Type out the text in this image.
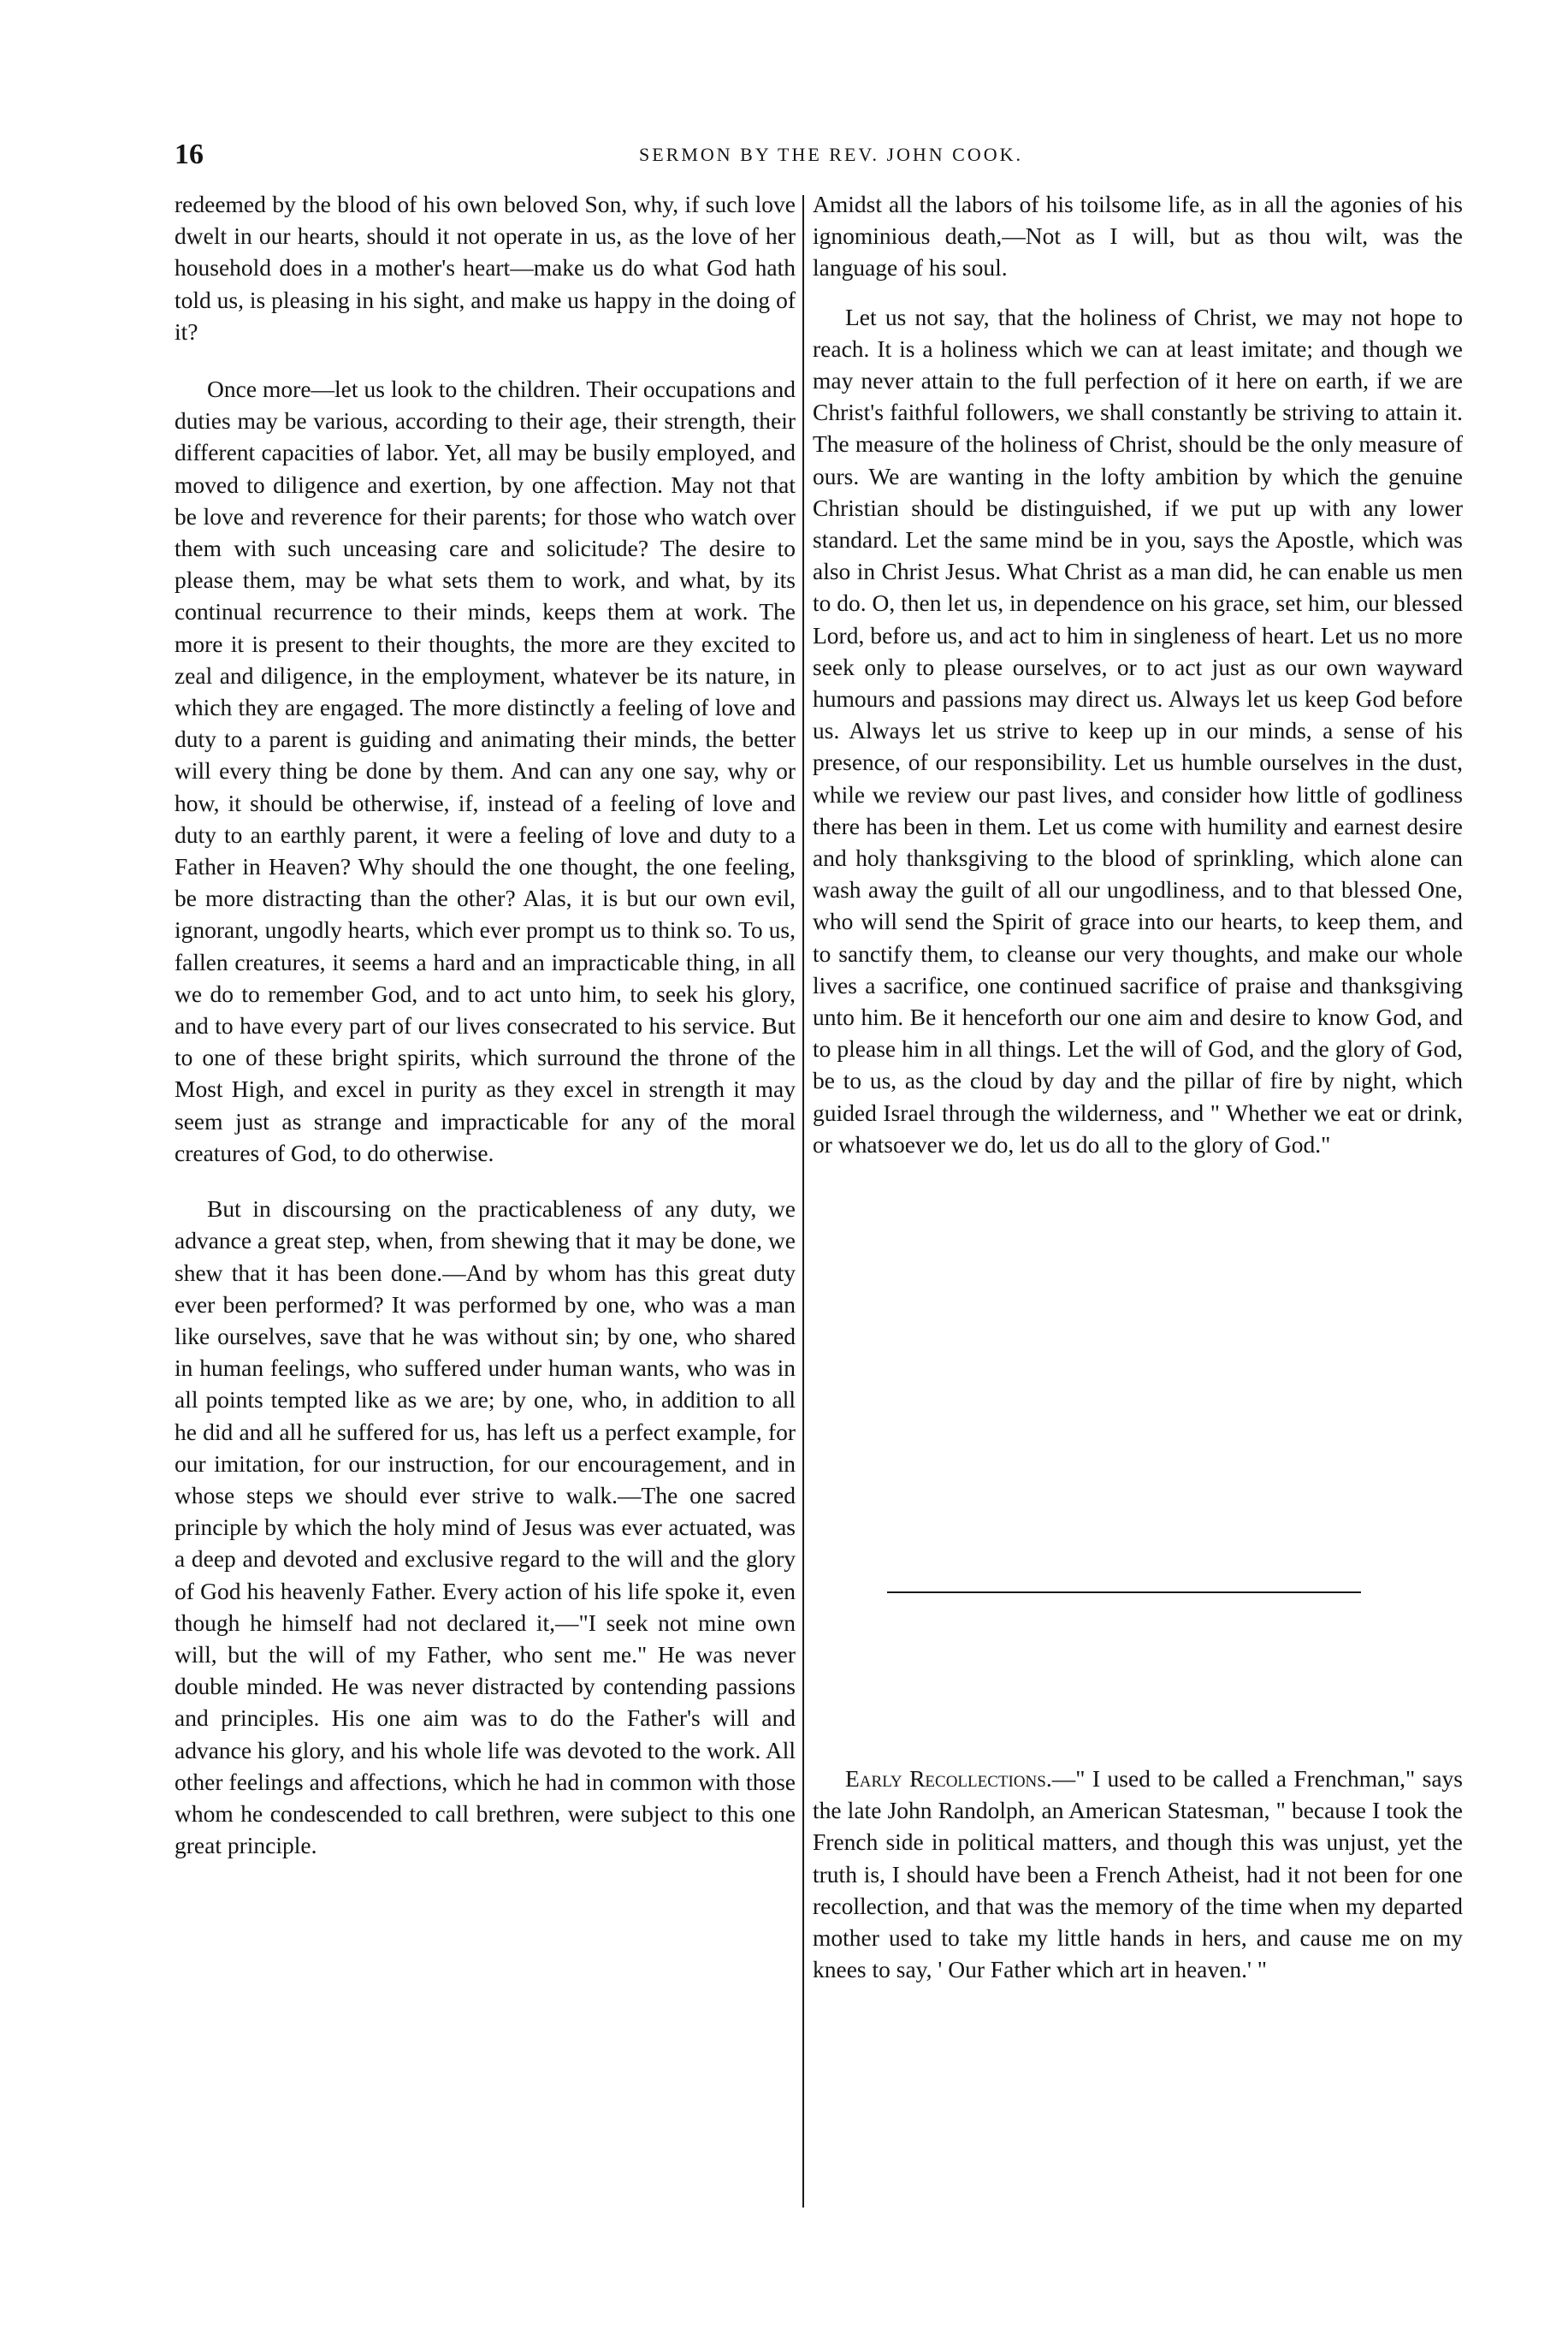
16	SERMON BY THE REV. JOHN COOK.

redeemed by the blood of his own beloved Son, why, if such love dwelt in our hearts, should it not operate in us, as the love of her household does in a mother's heart—make us do what God hath told us, is pleasing in his sight, and make us happy in the doing of it?

Once more—let us look to the children. Their occupations and duties may be various, according to their age, their strength, their different capacities of labor. Yet, all may be busily employed, and moved to diligence and exertion, by one affection. May not that be love and reverence for their parents; for those who watch over them with such unceasing care and solicitude? The desire to please them, may be what sets them to work, and what, by its continual recurrence to their minds, keeps them at work. The more it is present to their thoughts, the more are they excited to zeal and diligence, in the employment, whatever be its nature, in which they are engaged. The more distinctly a feeling of love and duty to a parent is guiding and animating their minds, the better will every thing be done by them. And can any one say, why or how, it should be otherwise, if, instead of a feeling of love and duty to an earthly parent, it were a feeling of love and duty to a Father in Heaven? Why should the one thought, the one feeling, be more distracting than the other? Alas, it is but our own evil, ignorant, ungodly hearts, which ever prompt us to think so. To us, fallen creatures, it seems a hard and an impracticable thing, in all we do to remember God, and to act unto him, to seek his glory, and to have every part of our lives consecrated to his service. But to one of these bright spirits, which surround the throne of the Most High, and excel in purity as they excel in strength it may seem just as strange and impracticable for any of the moral creatures of God, to do otherwise.

But in discoursing on the practicableness of any duty, we advance a great step, when, from shewing that it may be done, we shew that it has been done.—And by whom has this great duty ever been performed? It was performed by one, who was a man like ourselves, save that he was without sin; by one, who shared in human feelings, who suffered under human wants, who was in all points tempted like as we are; by one, who, in addition to all he did and all he suffered for us, has left us a perfect example, for our imitation, for our instruction, for our encouragement, and in whose steps we should ever strive to walk.—The one sacred principle by which the holy mind of Jesus was ever actuated, was a deep and devoted and exclusive regard to the will and the glory of God his heavenly Father. Every action of his life spoke it, even though he himself had not declared it,—"I seek not mine own will, but the will of my Father, who sent me." He was never double minded. He was never distracted by contending passions and principles. His one aim was to do the Father's will and advance his glory, and his whole life was devoted to the work. All other feelings and affections, which he had in common with those whom he condescended to call brethren, were subject to this one great principle.

Amidst all the labors of his toilsome life, as in all the agonies of his ignominious death,—Not as I will, but as thou wilt, was the language of his soul.

Let us not say, that the holiness of Christ, we may not hope to reach. It is a holiness which we can at least imitate; and though we may never attain to the full perfection of it here on earth, if we are Christ's faithful followers, we shall constantly be striving to attain it. The measure of the holiness of Christ, should be the only measure of ours. We are wanting in the lofty ambition by which the genuine Christian should be distinguished, if we put up with any lower standard. Let the same mind be in you, says the Apostle, which was also in Christ Jesus. What Christ as a man did, he can enable us men to do. O, then let us, in dependence on his grace, set him, our blessed Lord, before us, and act to him in singleness of heart. Let us no more seek only to please ourselves, or to act just as our own wayward humours and passions may direct us. Always let us keep God before us. Always let us strive to keep up in our minds, a sense of his presence, of our responsibility. Let us humble ourselves in the dust, while we review our past lives, and consider how little of godliness there has been in them. Let us come with humility and earnest desire and holy thanksgiving to the blood of sprinkling, which alone can wash away the guilt of all our ungodliness, and to that blessed One, who will send the Spirit of grace into our hearts, to keep them, and to sanctify them, to cleanse our very thoughts, and make our whole lives a sacrifice, one continued sacrifice of praise and thanksgiving unto him. Be it henceforth our one aim and desire to know God, and to please him in all things. Let the will of God, and the glory of God, be to us, as the cloud by day and the pillar of fire by night, which guided Israel through the wilderness, and " Whether we eat or drink, or whatsoever we do, let us do all to the glory of God."

Early Recollections.—" I used to be called a Frenchman," says the late John Randolph, an American Statesman, " because I took the French side in political matters, and though this was unjust, yet the truth is, I should have been a French Atheist, had it not been for one recollection, and that was the memory of the time when my departed mother used to take my little hands in hers, and cause me on my knees to say, ' Our Father which art in heaven.' "
